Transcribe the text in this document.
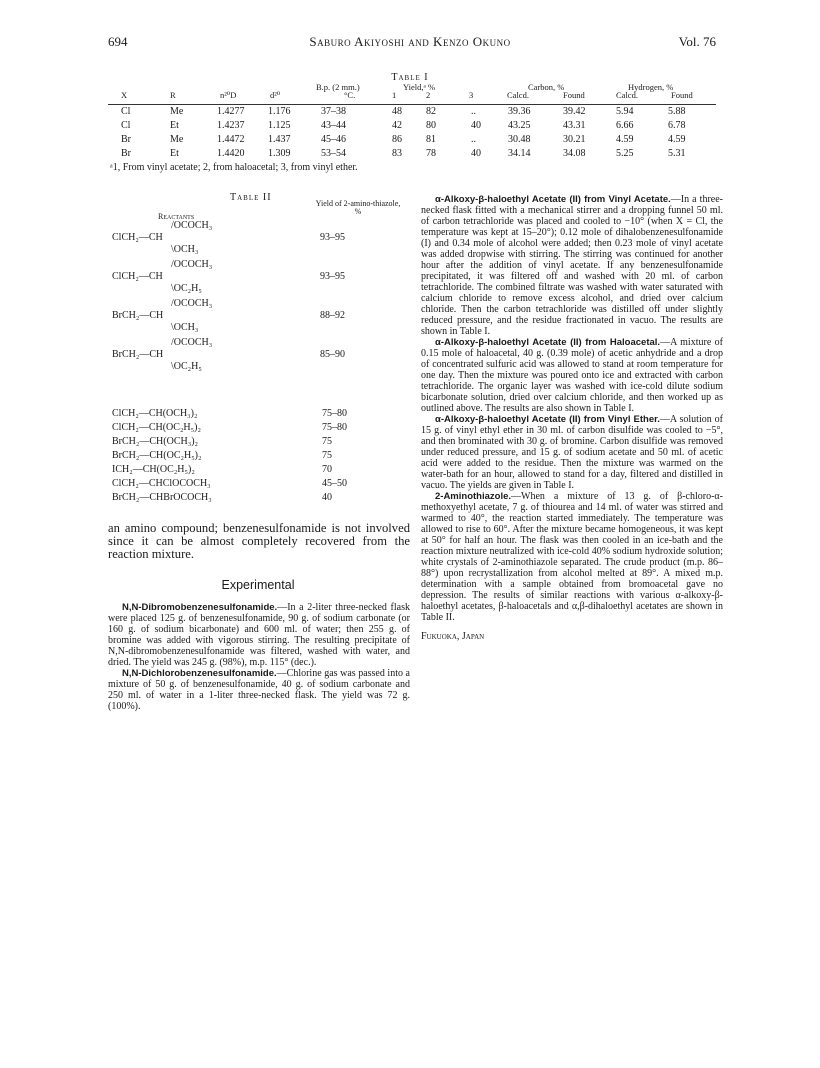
694	Saburo Akiyoshi and Kenzo Okuno	Vol. 76
Table I
X	R	n²⁰D	d²⁰
B.p. (2 mm.)
°C.
Yield,ᵃ %
1	2	3
Carbon, %
Calcd.	Found
Hydrogen, %
Calcd.	Found
Cl	Me	1.4277 1.176	37–38	48 82	..	39.36	39.42	5.94	5.88
Cl	Et	1.4237 1.125	43–44	42 80	40	43.25	43.31	6.66	6.78
Br	Me	1.4472 1.437	45–46	86 81	..	30.48	30.21	4.59	4.59
Br	Et	1.4420 1.309	53–54	83 78	40	34.14	34.08	5.25	5.31
ᵃ1, From vinyl acetate; 2, from haloacetal; 3, from vinyl ether.
Table II
Reactants
Yield of 2-amino-thiazole, %
/OCOCH₃
ClCH₂—CH
\OCH₃
93–95
/OCOCH₃
ClCH₂—CH
\OC₂H₅
93–95
/OCOCH₃
BrCH₂—CH
\OCH₃
88–92
/OCOCH₃
BrCH₂—CH
\OC₂H₅
85–90
ClCH₂—CH(OCH₃)₂	75–80
ClCH₂—CH(OC₂H₅)₂	75–80
BrCH₂—CH(OCH₃)₂	75
BrCH₂—CH(OC₂H₅)₂	75
ICH₂—CH(OC₂H₅)₂	70
ClCH₂—CHClOCOCH₃	45–50
BrCH₂—CHBrOCOCH₃	40
an amino compound; benzenesulfonamide is not involved since it can be almost completely recovered from the reaction mixture.
Experimental

N,N-Dibromobenzenesulfonamide.—In a 2-liter three-necked flask were placed 125 g. of benzenesulfonamide, 90 g. of sodium carbonate (or 160 g. of sodium bicarbonate) and 600 ml. of water; then 255 g. of bromine was added with vigorous stirring. The resulting precipitate of N,N-dibromobenzenesulfonamide was filtered, washed with water, and dried. The yield was 245 g. (98%), m.p. 115° (dec.).

N,N-Dichlorobenzenesulfonamide.—Chlorine gas was passed into a mixture of 50 g. of benzenesulfonamide, 40 g. of sodium carbonate and 250 ml. of water in a 1-liter three-necked flask. The yield was 72 g. (100%).

α-Alkoxy-β-haloethyl Acetate (II) from Vinyl Acetate.—In a three-necked flask fitted with a mechanical stirrer and a dropping funnel 50 ml. of carbon tetrachloride was placed and cooled to −10° (when X = Cl, the temperature was kept at 15–20°); 0.12 mole of dihalobenzenesulfonamide (I) and 0.34 mole of alcohol were added; then 0.23 mole of vinyl acetate was added dropwise with stirring. The stirring was continued for another hour after the addition of vinyl acetate. If any benzenesulfonamide precipitated, it was filtered off and washed with 20 ml. of carbon tetrachloride. The combined filtrate was washed with water saturated with calcium chloride to remove excess alcohol, and dried over calcium chloride. Then the carbon tetrachloride was distilled off under slightly reduced pressure, and the residue fractionated in vacuo. The results are shown in Table I.

α-Alkoxy-β-haloethyl Acetate (II) from Haloacetal.—A mixture of 0.15 mole of haloacetal, 40 g. (0.39 mole) of acetic anhydride and a drop of concentrated sulfuric acid was allowed to stand at room temperature for one day. Then the mixture was poured onto ice and extracted with carbon tetrachloride. The organic layer was washed with ice-cold dilute sodium bicarbonate solution, dried over calcium chloride, and then worked up as outlined above. The results are also shown in Table I.

α-Alkoxy-β-haloethyl Acetate (II) from Vinyl Ether.—A solution of 15 g. of vinyl ethyl ether in 30 ml. of carbon disulfide was cooled to −5°, and then brominated with 30 g. of bromine. Carbon disulfide was removed under reduced pressure, and 15 g. of sodium acetate and 50 ml. of acetic acid were added to the residue. Then the mixture was warmed on the water-bath for an hour, allowed to stand for a day, filtered and distilled in vacuo. The yields are given in Table I.

2-Aminothiazole.—When a mixture of 13 g. of β-chloro-α-methoxyethyl acetate, 7 g. of thiourea and 14 ml. of water was stirred and warmed to 40°, the reaction started immediately. The temperature was allowed to rise to 60°. After the mixture became homogeneous, it was kept at 50° for half an hour. The flask was then cooled in an ice-bath and the reaction mixture neutralized with ice-cold 40% sodium hydroxide solution; white crystals of 2-aminothiazole separated. The crude product (m.p. 86–88°) upon recrystallization from alcohol melted at 89°. A mixed m.p. determination with a sample obtained from bromoacetal gave no depression. The results of similar reactions with various α-alkoxy-β-haloethyl acetates, β-haloacetals and α,β-dihaloethyl acetates are shown in Table II.

Fukuoka, Japan
